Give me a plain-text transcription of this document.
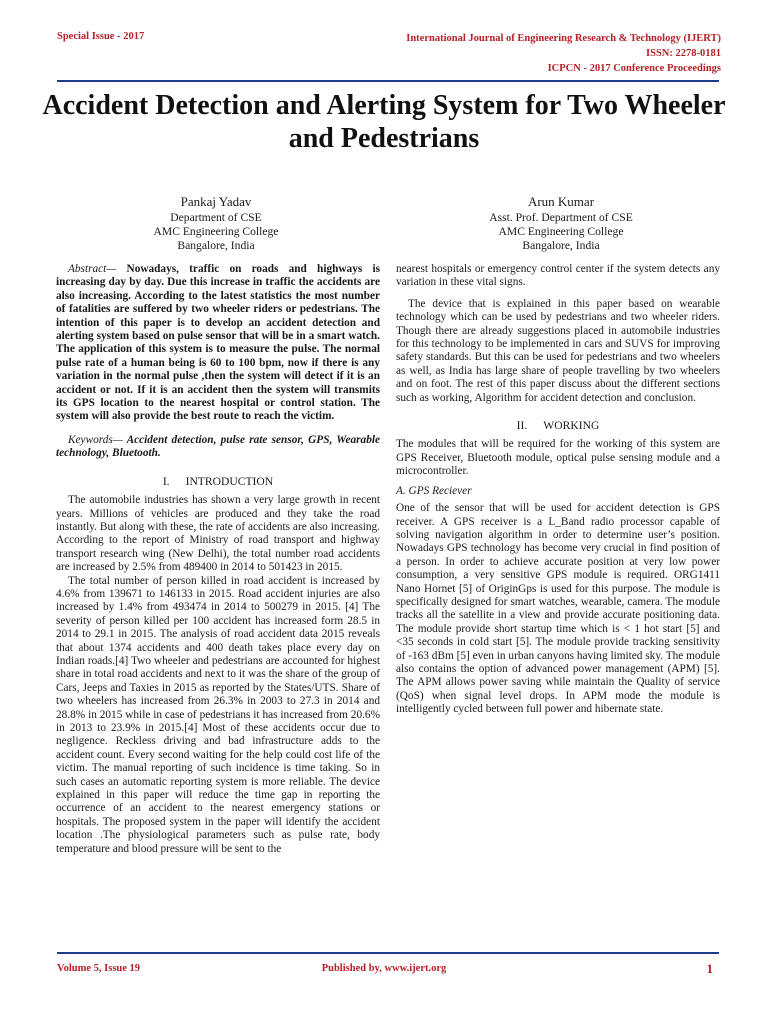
Special Issue - 2017	International Journal of Engineering Research & Technology (IJERT)
ISSN: 2278-0181
ICPCN - 2017 Conference Proceedings
Accident Detection and Alerting System for Two Wheeler and Pedestrians
Pankaj Yadav
Department of CSE
AMC Engineering College
Bangalore, India
Arun Kumar
Asst. Prof. Department of CSE
AMC Engineering College
Bangalore, India

Abstract— Nowadays, traffic on roads and highways is increasing day by day. Due this increase in traffic the accidents are also increasing. According to the latest statistics the most number of fatalities are suffered by two wheeler riders or pedestrians. The intention of this paper is to develop an accident detection and alerting system based on pulse sensor that will be in a smart watch. The application of this system is to measure the pulse. The normal pulse rate of a human being is 60 to 100 bpm, now if there is any variation in the normal pulse ,then the system will detect if it is an accident or not. If it is an accident then the system will transmits its GPS location to the nearest hospital or control station. The system will also provide the best route to reach the victim.

Keywords— Accident detection, pulse rate sensor, GPS, Wearable technology, Bluetooth.

I. INTRODUCTION

The automobile industries has shown a very large growth in recent years. Millions of vehicles are produced and they take the road instantly. But along with these, the rate of accidents are also increasing. According to the report of Ministry of road transport and highway transport research wing (New Delhi), the total number road accidents are increased by 2.5% from 489400 in 2014 to 501423 in 2015.

The total number of person killed in road accident is increased by 4.6% from 139671 to 146133 in 2015. Road accident injuries are also increased by 1.4% from 493474 in 2014 to 500279 in 2015. [4] The severity of person killed per 100 accident has increased form 28.5 in 2014 to 29.1 in 2015. The analysis of road accident data 2015 reveals that about 1374 accidents and 400 death takes place every day on Indian roads.[4] Two wheeler and pedestrians are accounted for highest share in total road accidents and next to it was the share of the group of Cars, Jeeps and Taxies in 2015 as reported by the States/UTS. Share of two wheelers has increased from 26.3% in 2003 to 27.3 in 2014 and 28.8% in 2015 while in case of pedestrians it has increased from 20.6% in 2013 to 23.9% in 2015.[4] Most of these accidents occur due to negligence. Reckless driving and bad infrastructure adds to the accident count. Every second waiting for the help could cost life of the victim. The manual reporting of such incidence is time taking. So in such cases an automatic reporting system is more reliable. The device explained in this paper will reduce the time gap in reporting the occurrence of an accident to the nearest emergency stations or hospitals. The proposed system in the paper will identify the accident location .The physiological parameters such as pulse rate, body temperature and blood pressure will be sent to the

nearest hospitals or emergency control center if the system detects any variation in these vital signs.

The device that is explained in this paper based on wearable technology which can be used by pedestrians and two wheeler riders. Though there are already suggestions placed in automobile industries for this technology to be implemented in cars and SUVS for improving safety standards. But this can be used for pedestrians and two wheelers as well, as India has large share of people travelling by two wheelers and on foot. The rest of this paper discuss about the different sections such as working, Algorithm for accident detection and conclusion.

II. WORKING

The modules that will be required for the working of this system are GPS Receiver, Bluetooth module, optical pulse sensing module and a microcontroller.

A. GPS Reciever

One of the sensor that will be used for accident detection is GPS receiver. A GPS receiver is a L_Band radio processor capable of solving navigation algorithm in order to determine user’s position. Nowadays GPS technology has become very crucial in find position of a person. In order to achieve accurate position at very low power consumption, a very sensitive GPS module is required. ORG1411 Nano Hornet [5] of OriginGps is used for this purpose. The module is specifically designed for smart watches, wearable, camera. The module tracks all the satellite in a view and provide accurate positioning data. The module provide short startup time which is < 1 hot start [5] and <35 seconds in cold start [5]. The module provide tracking sensitivity of -163 dBm [5] even in urban canyons having limited sky. The module also contains the option of advanced power management (APM) [5]. The APM allows power saving while maintain the Quality of service (QoS) when signal level drops. In APM mode the module is intelligently cycled between full power and hibernate state.

Volume 5, Issue 19	Published by, www.ijert.org	1
